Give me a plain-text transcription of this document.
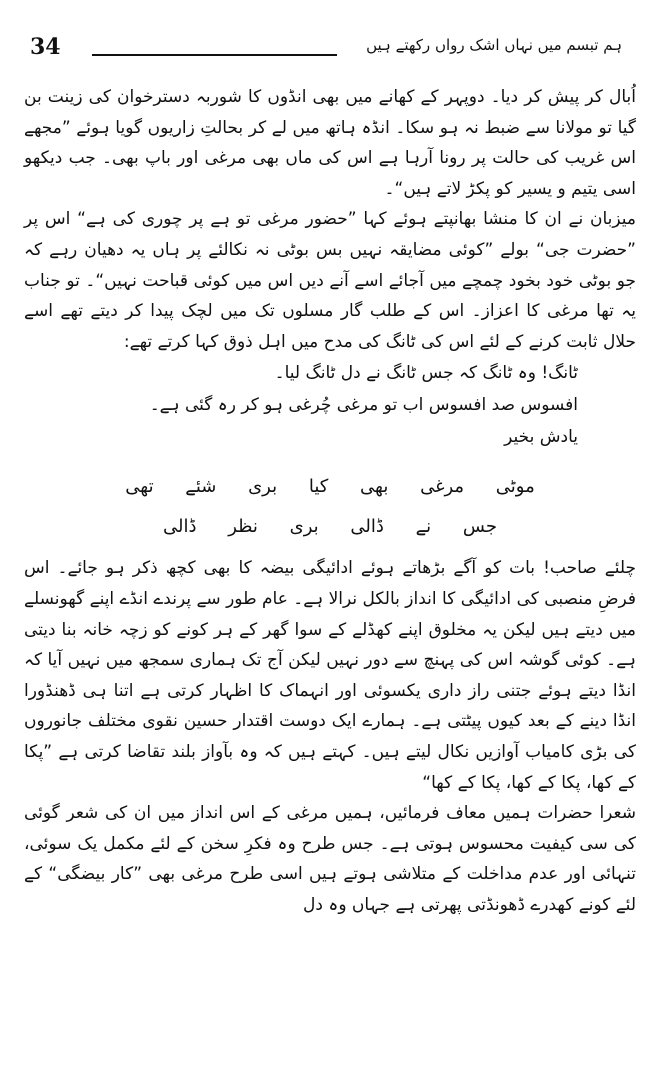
34	ہم تبسم میں نہاں اشک رواں رکھتے ہیں

اُبال کر پیش کر دیا۔ دوپہر کے کھانے میں بھی انڈوں کا شوربہ دسترخوان کی زینت بن گیا تو مولانا سے ضبط نہ ہو سکا۔ انڈہ ہاتھ میں لے کر بحالتِ زاریوں گویا ہوئے ”مجھے اس غریب کی حالت پر رونا آرہا ہے اس کی ماں بھی مرغی اور باپ بھی۔ جب دیکھو اسی یتیم و یسیر کو پکڑ لاتے ہیں“۔

میزبان نے ان کا منشا بھانپتے ہوئے کہا ”حضور مرغی تو ہے پر چوری کی ہے“ اس پر ”حضرت جی“ بولے ”کوئی مضایقہ نہیں بس بوٹی نہ نکالئے پر ہاں یہ دھیان رہے کہ جو بوٹی خود بخود چمچے میں آجائے اسے آنے دیں اس میں کوئی قباحت نہیں“۔ تو جناب یہ تھا مرغی کا اعزاز۔ اس کے طلب گار مسلوں تک میں لچک پیدا کر دیتے تھے اسے حلال ثابت کرنے کے لئے اس کی ٹانگ کی مدح میں اہل ذوق کہا کرتے تھے:

ٹانگ! وہ ٹانگ کہ جس ٹانگ نے دل ٹانگ لیا۔

افسوس صد افسوس اب تو مرغی چُرغی ہو کر رہ گئی ہے۔

یادش بخیر

موٹی مرغی بھی کیا بری شئے تھی
جس نے ڈالی بری نظر ڈالی

چلئے صاحب! بات کو آگے بڑھاتے ہوئے ادائیگی بیضہ کا بھی کچھ ذکر ہو جائے۔ اس فرضِ منصبی کی ادائیگی کا انداز بالکل نرالا ہے۔ عام طور سے پرندے انڈے اپنے گھونسلے میں دیتے ہیں لیکن یہ مخلوق اپنے کھڈلے کے سوا گھر کے ہر کونے کو زچہ خانہ بنا دیتی ہے۔ کوئی گوشہ اس کی پہنچ سے دور نہیں لیکن آج تک ہماری سمجھ میں نہیں آیا کہ انڈا دیتے ہوئے جتنی راز داری یکسوئی اور انہماک کا اظہار کرتی ہے اتنا ہی ڈھنڈورا انڈا دینے کے بعد کیوں پیٹتی ہے۔ ہمارے ایک دوست اقتدار حسین نقوی مختلف جانوروں کی بڑی کامیاب آوازیں نکال لیتے ہیں۔ کہتے ہیں کہ وہ بآواز بلند تقاضا کرتی ہے ”پکا کے کھا، پکا کے کھا، پکا کے کھا“

شعرا حضرات ہمیں معاف فرمائیں، ہمیں مرغی کے اس انداز میں ان کی شعر گوئی کی سی کیفیت محسوس ہوتی ہے۔ جس طرح وہ فکرِ سخن کے لئے مکمل یک سوئی، تنہائی اور عدم مداخلت کے متلاشی ہوتے ہیں اسی طرح مرغی بھی ”کار بیضگی“ کے لئے کونے کھدرے ڈھونڈتی پھرتی ہے جہاں وہ دل
